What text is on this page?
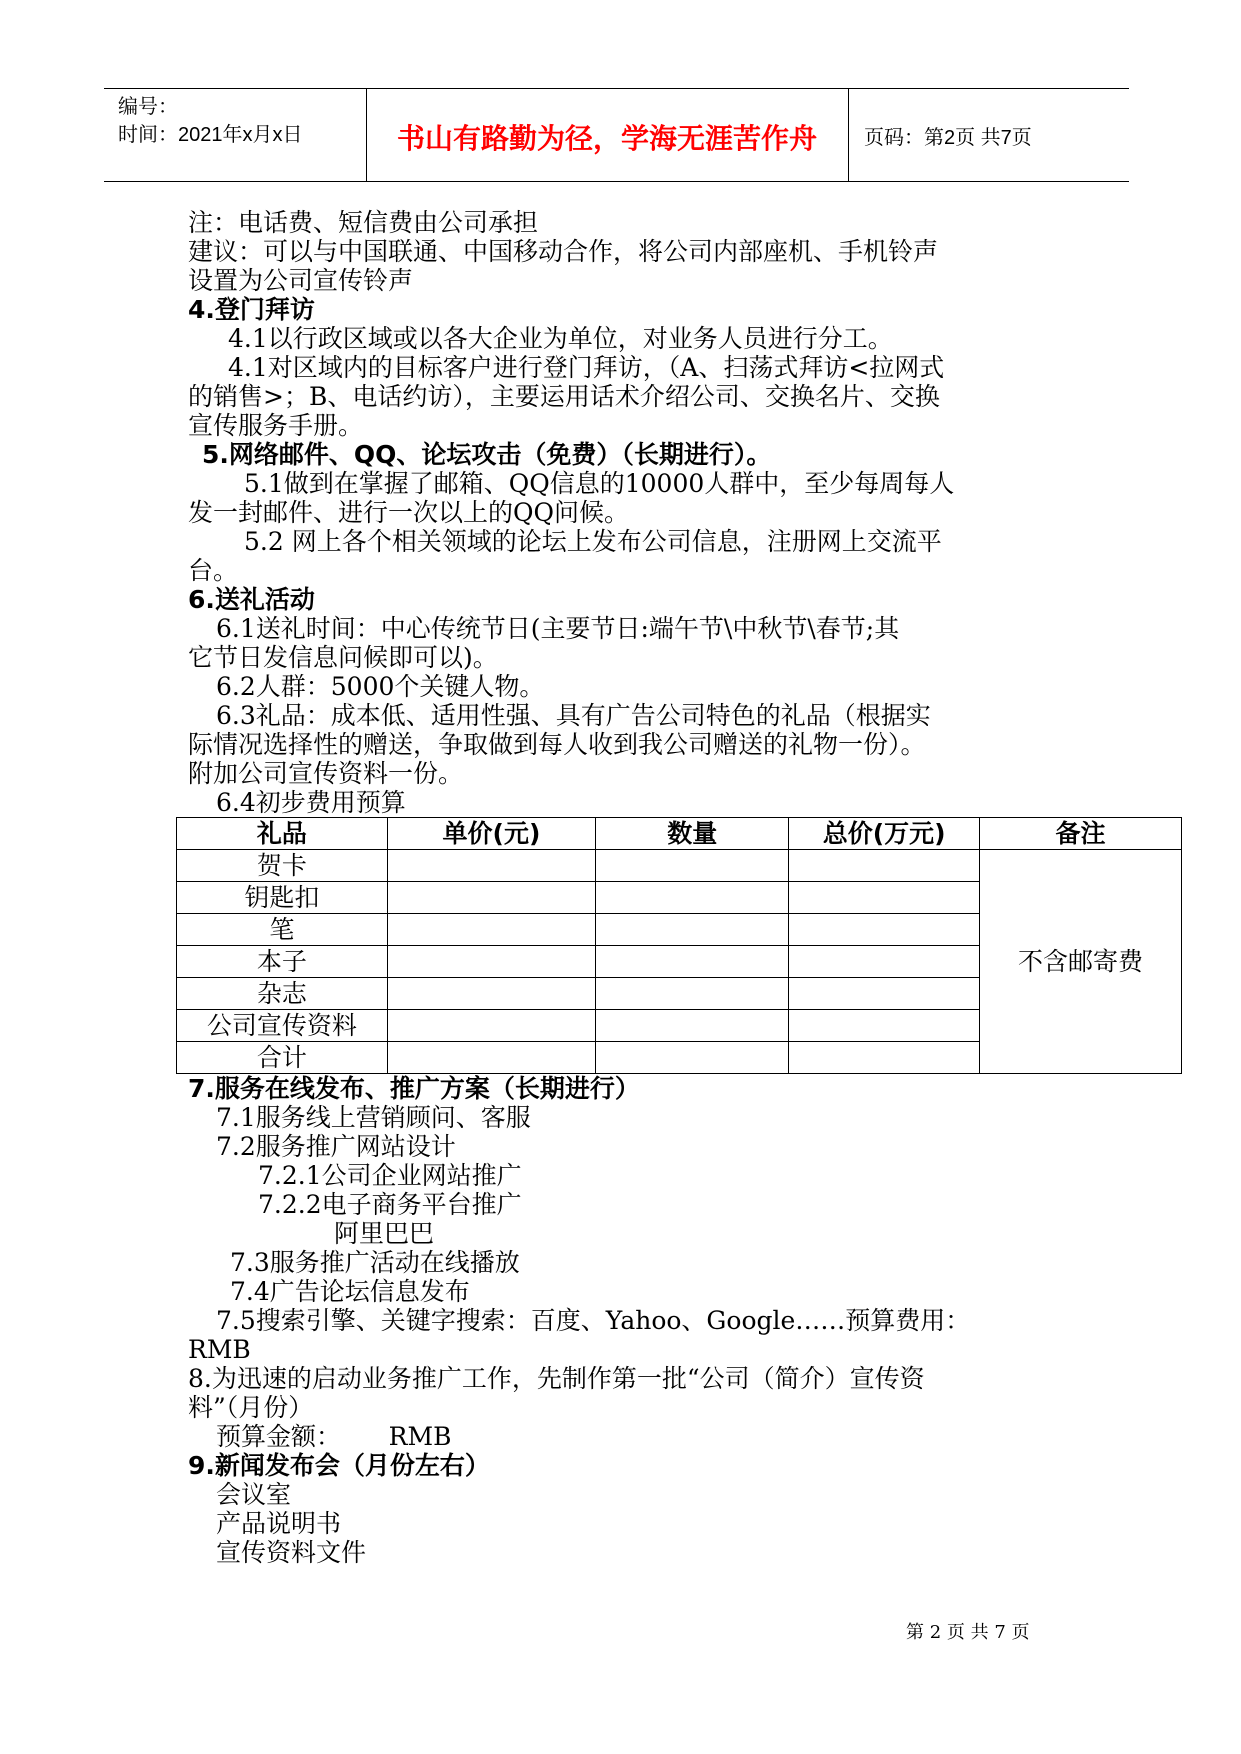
编号：
时间：2021年x月x日	书山有路勤为径，学海无涯苦作舟	页码：第2页 共7页

注：电话费、短信费由公司承担

建议：可以与中国联通、中国移动合作，将公司内部座机、手机铃声

设置为公司宣传铃声

4.登门拜访

4.1以行政区域或以各大企业为单位，对业务人员进行分工。

4.1对区域内的目标客户进行登门拜访，（A、扫荡式拜访<拉网式

的销售>；B、电话约访），主要运用话术介绍公司、交换名片、交换

宣传服务手册。

5.网络邮件、QQ、论坛攻击（免费）（长期进行）。

5.1做到在掌握了邮箱、QQ信息的10000人群中，至少每周每人

发一封邮件、进行一次以上的QQ问候。

5.2 网上各个相关领域的论坛上发布公司信息，注册网上交流平

台。

6.送礼活动

6.1送礼时间：中心传统节日(主要节日:端午节\中秋节\春节;其

它节日发信息问候即可以)。

6.2人群：5000个关键人物。

6.3礼品：成本低、适用性强、具有广告公司特色的礼品（根据实

际情况选择性的赠送，争取做到每人收到我公司赠送的礼物一份）。

附加公司宣传资料一份。

6.4初步费用预算

礼品	单价(元)	数量	总价(万元)	备注
贺卡				不含邮寄费
钥匙扣				
笔				
本子				
杂志				
公司宣传资料				
合计				

7.服务在线发布、推广方案（长期进行）

7.1服务线上营销顾问、客服

7.2服务推广网站设计

7.2.1公司企业网站推广

7.2.2电子商务平台推广

阿里巴巴

7.3服务推广活动在线播放

7.4广告论坛信息发布

7.5搜索引擎、关键字搜索：百度、Yahoo、Google……预算费用：

RMB

8.为迅速的启动业务推广工作，先制作第一批“公司（简介）宣传资

料”（月份）

预算金额：      RMB

9.新闻发布会（月份左右）

会议室

产品说明书

宣传资料文件

第 2 页 共 7 页
